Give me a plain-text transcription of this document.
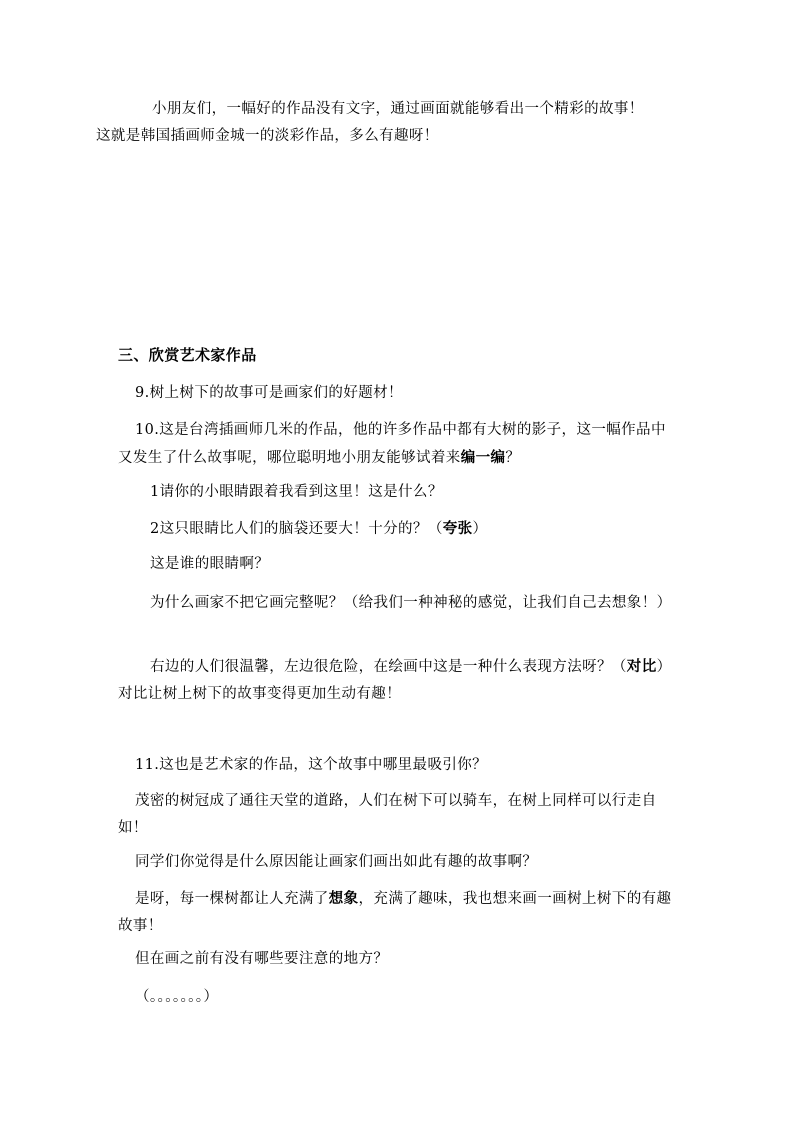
小朋友们，一幅好的作品没有文字，通过画面就能够看出一个精彩的故事！
这就是韩国插画师金城一的淡彩作品，多么有趣呀！

三、欣赏艺术家作品

9.树上树下的故事可是画家们的好题材！

10.这是台湾插画师几米的作品，他的许多作品中都有大树的影子，这一幅作品中又发生了什么故事呢，哪位聪明地小朋友能够试着来编一编？

1请你的小眼睛跟着我看到这里！这是什么？

2这只眼睛比人们的脑袋还要大！十分的？（夸张）

这是谁的眼睛啊？

为什么画家不把它画完整呢？（给我们一种神秘的感觉，让我们自己去想象！）

右边的人们很温馨，左边很危险，在绘画中这是一种什么表现方法呀？（对比）对比让树上树下的故事变得更加生动有趣！

11.这也是艺术家的作品，这个故事中哪里最吸引你？

茂密的树冠成了通往天堂的道路，人们在树下可以骑车，在树上同样可以行走自如！

同学们你觉得是什么原因能让画家们画出如此有趣的故事啊？

是呀，每一棵树都让人充满了想象，充满了趣味，我也想来画一画树上树下的有趣故事！

但在画之前有没有哪些要注意的地方？

（。。。。。。。）
